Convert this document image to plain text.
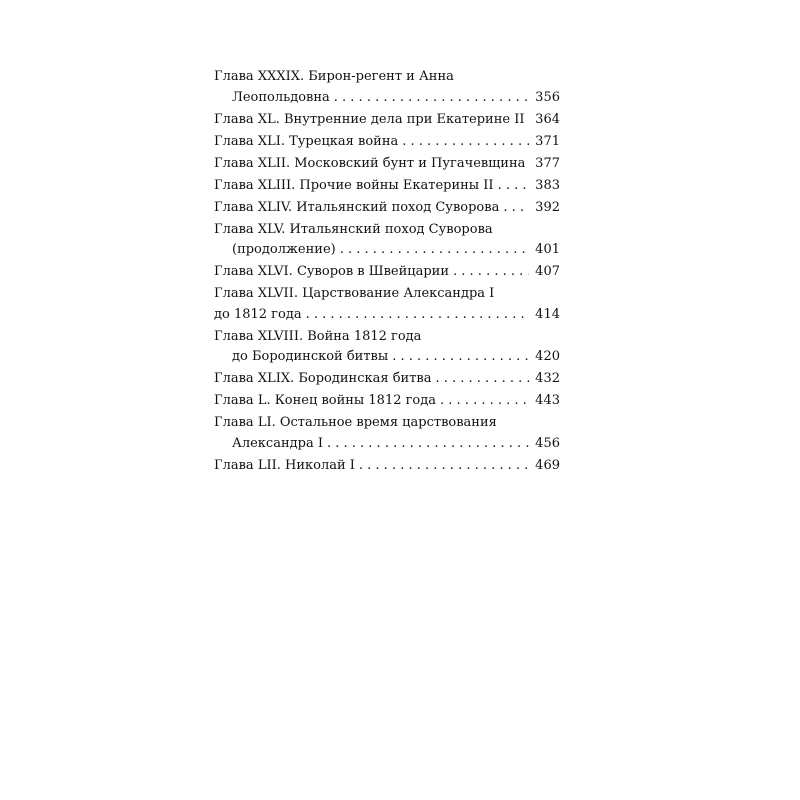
Глава XXXIX. Бирон-регент и Анна
Леопольдовна . . .	356
Глава XL. Внутренние дела при Екатерине II 364
Глава XLI. Турецкая война . . .	371
Глава XLII. Московский бунт и Пугачевщина 377
Глава XLIII. Прочие войны Екатерины II . . .	383
Глава XLIV. Итальянский поход Суворова . . .	392
Глава XLV. Итальянский поход Суворова
(продолжение) . . .	401
Глава XLVI. Суворов в Швейцарии . . .	407
Глава XLVII. Царствование Александра I
до 1812 года . . .	414
Глава XLVIII. Война 1812 года
до Бородинской битвы . . .	420
Глава XLIX. Бородинская битва . . .	432
Глава L. Конец войны 1812 года . . .	443
Глава LI. Остальное время царствования
Александра I . . .	456
Глава LII. Николай I . . .	469
